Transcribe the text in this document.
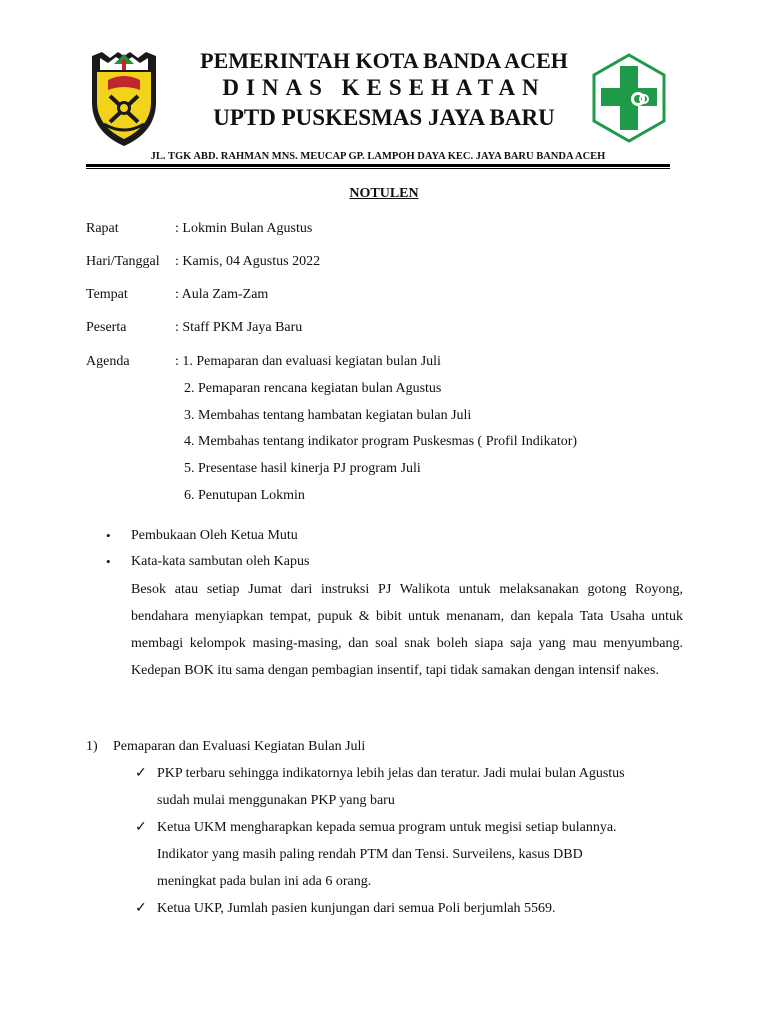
PEMERINTAH KOTA BANDA ACEH
DINAS KESEHATAN
UPTD PUSKESMAS JAYA BARU
JL. TGK ABD. RAHMAN MNS. MEUCAP GP. LAMPOH DAYA KEC. JAYA BARU BANDA ACEH
NOTULEN
Rapat	: Lokmin Bulan Agustus
Hari/Tanggal : Kamis, 04 Agustus 2022
Tempat	: Aula Zam-Zam
Peserta	: Staff PKM Jaya Baru
Agenda	: 1. Pemaparan dan evaluasi kegiatan bulan Juli
2. Pemaparan rencana kegiatan bulan Agustus
3. Membahas tentang hambatan kegiatan bulan Juli
4. Membahas tentang indikator program Puskesmas ( Profil Indikator)
5. Presentase hasil kinerja PJ program Juli
6. Penutupan Lokmin
• Pembukaan Oleh Ketua Mutu
• Kata-kata sambutan oleh Kapus
Besok atau setiap Jumat dari instruksi PJ Walikota untuk melaksanakan gotong Royong, bendahara menyiapkan tempat, pupuk & bibit untuk menanam, dan kepala Tata Usaha untuk membagi kelompok masing-masing, dan soal snak boleh siapa saja yang mau menyumbang. Kedepan BOK itu sama dengan pembagian insentif, tapi tidak samakan dengan intensif nakes.
1) Pemaparan dan Evaluasi Kegiatan Bulan Juli
✓ PKP terbaru sehingga indikatornya lebih jelas dan teratur. Jadi mulai bulan Agustus
sudah mulai menggunakan PKP yang baru
✓ Ketua UKM mengharapkan kepada semua program untuk megisi setiap bulannya.
Indikator yang masih paling rendah PTM dan Tensi. Surveilens, kasus DBD
meningkat pada bulan ini ada 6 orang.
✓ Ketua UKP, Jumlah pasien kunjungan dari semua Poli berjumlah 5569.
